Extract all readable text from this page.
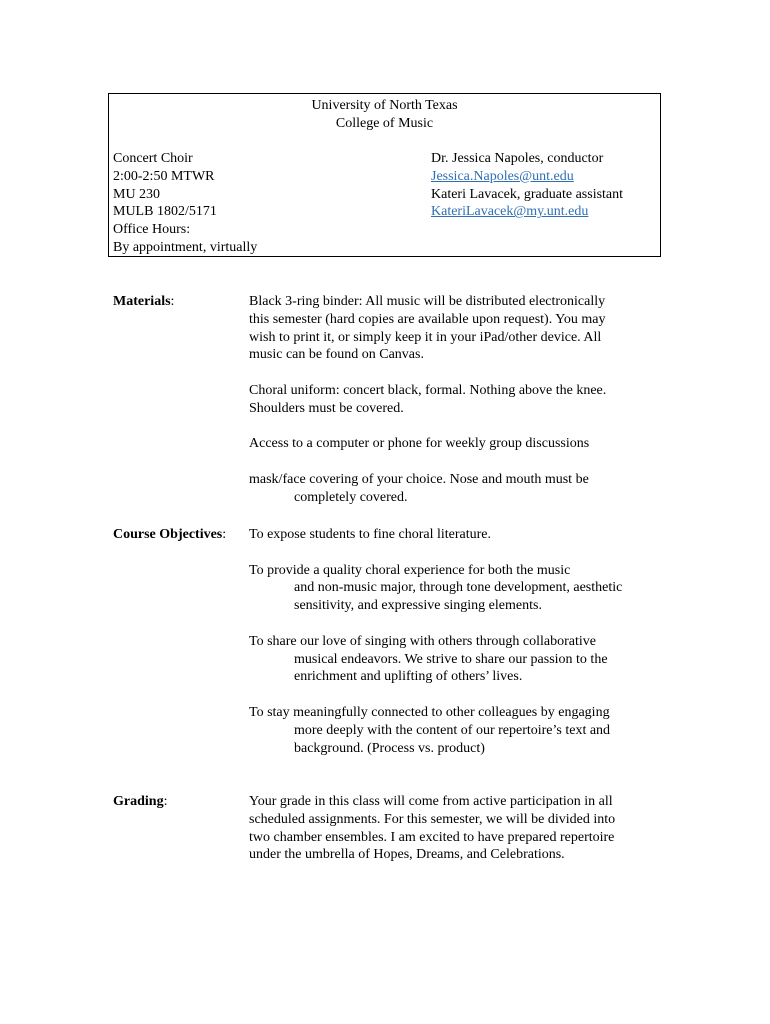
University of North Texas
College of Music
Concert Choir
2:00-2:50 MTWR
MU 230
MULB 1802/5171
Office Hours:
By appointment, virtually
Dr. Jessica Napoles, conductor
Jessica.Napoles@unt.edu
Kateri Lavacek, graduate assistant
KateriLavacek@my.unt.edu
Materials:	Black 3-ring binder: All music will be distributed electronically
this semester (hard copies are available upon request). You may
wish to print it, or simply keep it in your iPad/other device. All
music can be found on Canvas.

Choral uniform: concert black, formal. Nothing above the knee.
Shoulders must be covered.

Access to a computer or phone for weekly group discussions

mask/face covering of your choice. Nose and mouth must be
completely covered.

Course Objectives: To expose students to fine choral literature.

To provide a quality choral experience for both the music
and non-music major, through tone development, aesthetic
sensitivity, and expressive singing elements.

To share our love of singing with others through collaborative
musical endeavors. We strive to share our passion to the
enrichment and uplifting of others’ lives.

To stay meaningfully connected to other colleagues by engaging
more deeply with the content of our repertoire’s text and
background. (Process vs. product)

Grading:	Your grade in this class will come from active participation in all
scheduled assignments. For this semester, we will be divided into
two chamber ensembles. I am excited to have prepared repertoire
under the umbrella of Hopes, Dreams, and Celebrations.
